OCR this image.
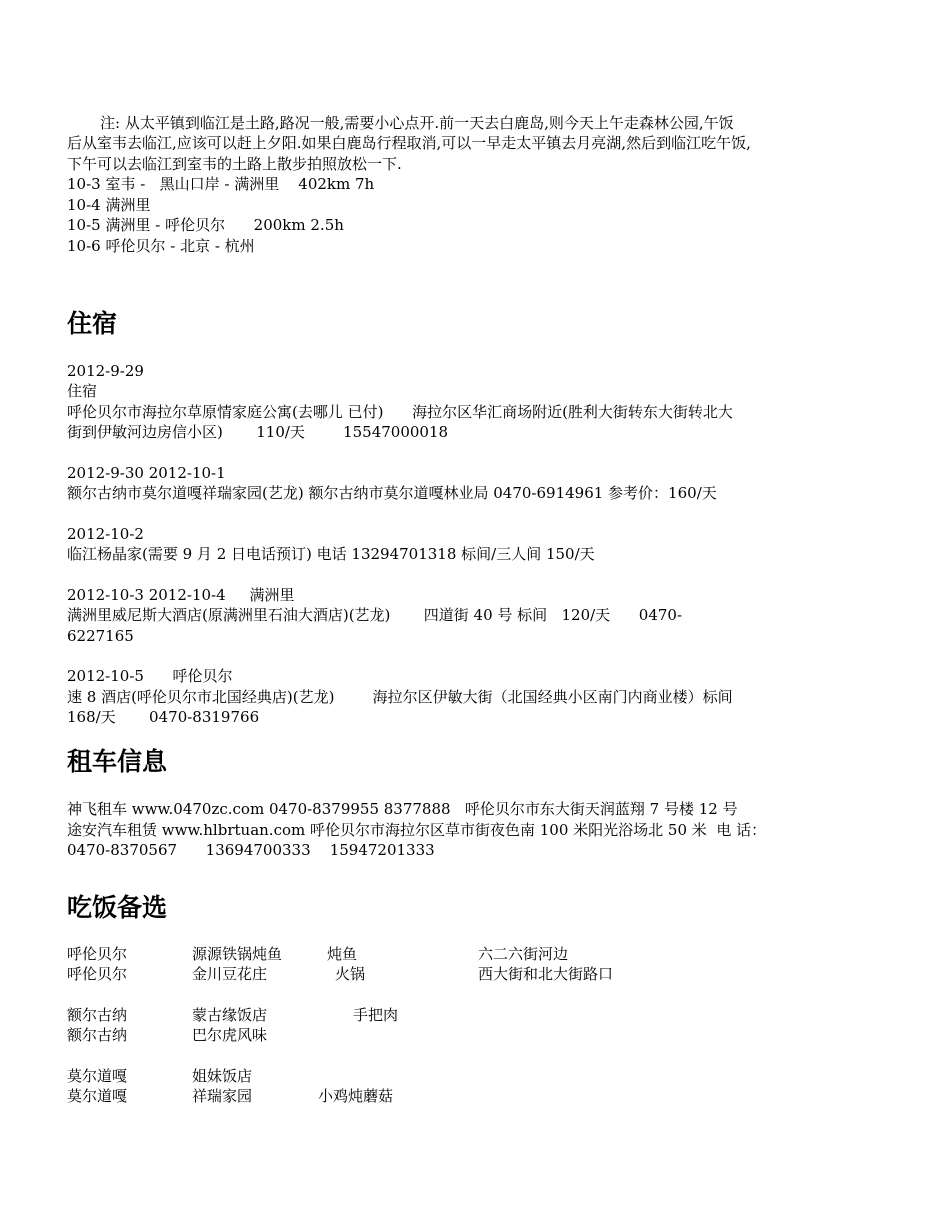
注: 从太平镇到临江是土路,路况一般,需要小心点开.前一天去白鹿岛,则今天上午走森林公园,午饭
后从室韦去临江,应该可以赶上夕阳.如果白鹿岛行程取消,可以一早走太平镇去月亮湖,然后到临江吃午饭,
下午可以去临江到室韦的土路上散步拍照放松一下.
10-3 室韦 -   黑山口岸 - 满洲里    402km 7h
10-4 满洲里
10-5 满洲里 - 呼伦贝尔      200km 2.5h
10-6 呼伦贝尔 - 北京 - 杭州
住宿
2012-9-29
住宿
呼伦贝尔市海拉尔草原情家庭公寓(去哪儿 已付)      海拉尔区华汇商场附近(胜利大街转东大街转北大
街到伊敏河边房信小区)       110/天        15547000018
2012-9-30 2012-10-1
额尔古纳市莫尔道嘎祥瑞家园(艺龙) 额尔古纳市莫尔道嘎林业局 0470-6914961 参考价：160/天
2012-10-2
临江杨晶家(需要 9 月 2 日电话预订) 电话 13294701318 标间/三人间 150/天
2012-10-3 2012-10-4     满洲里
满洲里威尼斯大酒店(原满洲里石油大酒店)(艺龙)       四道街 40 号 标间   120/天      0470-
6227165
2012-10-5      呼伦贝尔
速 8 酒店(呼伦贝尔市北国经典店)(艺龙)        海拉尔区伊敏大街（北国经典小区南门内商业楼）标间
168/天       0470-8319766
租车信息
神飞租车 www.0470zc.com 0470-8379955 8377888   呼伦贝尔市东大街天润蓝翔 7 号楼 12 号
途安汽车租赁 www.hlbrtuan.com 呼伦贝尔市海拉尔区草市街夜色南 100 米阳光浴场北 50 米  电 话：
0470-8370567      13694700333    15947201333
吃饭备选
呼伦贝尔	源源铁锅炖鱼	炖鱼	六二六街河边
呼伦贝尔	金川豆花庄	火锅	西大街和北大街路口
额尔古纳	蒙古缘饭店	手把肉
额尔古纳	巴尔虎风味
莫尔道嘎	姐妹饭店
莫尔道嘎	祥瑞家园	小鸡炖蘑菇
